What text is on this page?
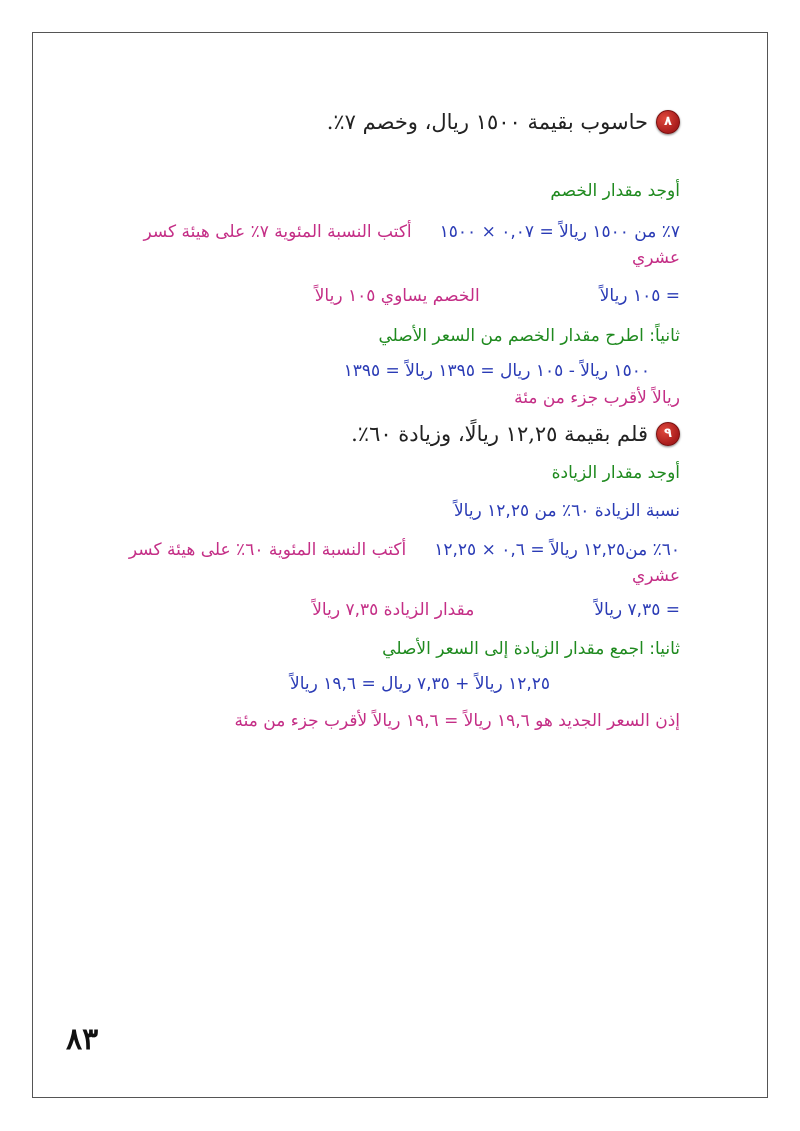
٨
حاسوب بقيمة ١٥٠٠ ريال، وخصم ٧٪.
أوجد مقدار الخصم
٧٪ من ١٥٠٠ ريالاً = ٠,٠٧ × ١٥٠٠أكتب النسبة المئوية ٧٪ على هيئة كسر عشري
= ١٠٥ ريالاًالخصم يساوي ١٠٥ ريالاً
ثانياً: اطرح مقدار الخصم من السعر الأصلي
١٥٠٠ ريالاً - ١٠٥ ريال = ١٣٩٥ ريالاً = ١٣٩٥
ريالاً لأقرب جزء من مئة
٩
قلم بقيمة ١٢,٢٥ ريالًا، وزيادة ٦٠٪.
أوجد مقدار الزيادة
نسبة الزيادة ٦٠٪ من ١٢,٢٥ ريالاً
٦٠٪ من١٢,٢٥ ريالاً = ٠,٦ × ١٢,٢٥أكتب النسبة المئوية ٦٠٪ على هيئة كسر عشري
= ٧,٣٥ ريالاًمقدار الزيادة ٧,٣٥ ريالاً
ثانيا: اجمع مقدار الزيادة إلى السعر الأصلي
١٢,٢٥ ريالاً + ٧,٣٥ ريال = ١٩,٦ ريالاً
إذن السعر الجديد هو ١٩,٦ ريالاً = ١٩,٦ ريالاً لأقرب جزء من مئة
٨٣
